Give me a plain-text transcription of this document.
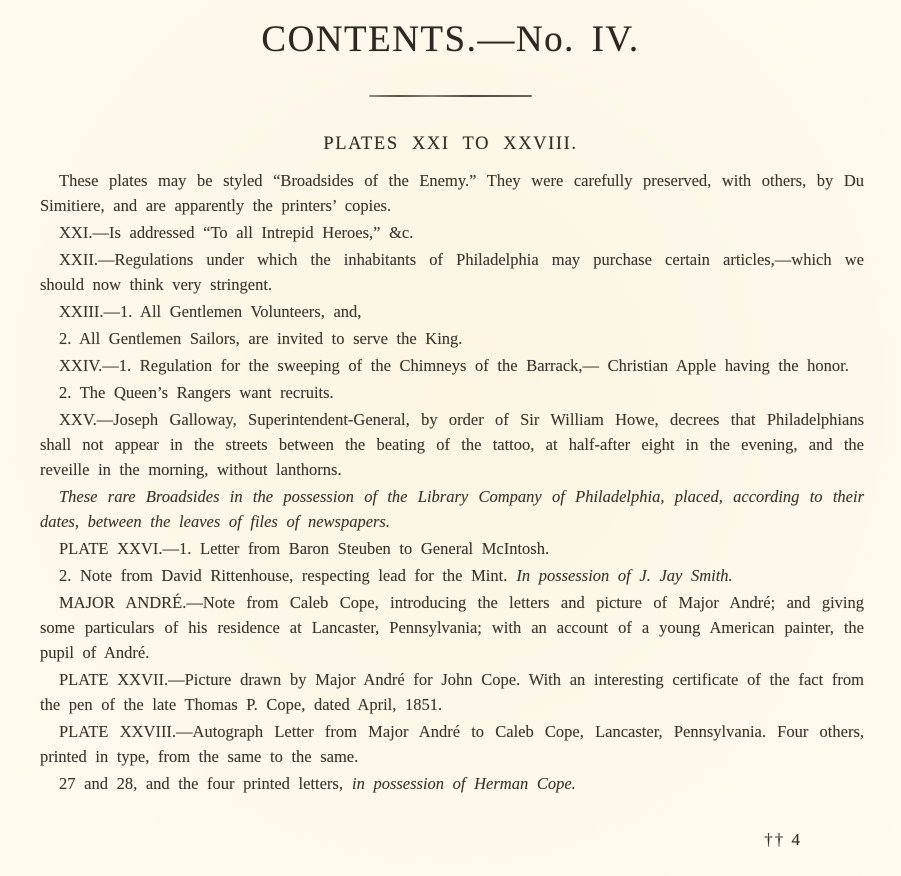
CONTENTS.—No. IV.
PLATES XXI TO XXVIII.

These plates may be styled “Broadsides of the Enemy.” They were carefully preserved, with others, by Du Simitiere, and are apparently the printers’ copies.

XXI.—Is addressed “To all Intrepid Heroes,” &c.

XXII.—Regulations under which the inhabitants of Philadelphia may purchase certain articles,––which we should now think very stringent.

XXIII.—1. All Gentlemen Volunteers, and,

2. All Gentlemen Sailors, are invited to serve the King.

XXIV.—1. Regulation for the sweeping of the Chimneys of the Barrack,— Christian Apple having the honor.

2. The Queen’s Rangers want recruits.

XXV.—Joseph Galloway, Superintendent-General, by order of Sir William Howe, decrees that Philadelphians shall not appear in the streets between the beating of the tattoo, at half-after eight in the evening, and the reveille in the morning, without lanthorns.

These rare Broadsides in the possession of the Library Company of Philadelphia, placed, according to their dates, between the leaves of files of newspapers.

PLATE XXVI.—1. Letter from Baron Steuben to General McIntosh.

2. Note from David Rittenhouse, respecting lead for the Mint. In possession of J. Jay Smith.

MAJOR ANDRÉ.—Note from Caleb Cope, introducing the letters and picture of Major André; and giving some particulars of his residence at Lancaster, Pennsylvania; with an account of a young American painter, the pupil of André.

PLATE XXVII.—Picture drawn by Major André for John Cope. With an interesting certificate of the fact from the pen of the late Thomas P. Cope, dated April, 1851.

PLATE XXVIII.—Autograph Letter from Major André to Caleb Cope, Lancaster, Pennsylvania. Four others, printed in type, from the same to the same.

27 and 28, and the four printed letters, in possession of Herman Cope.

†† 4
